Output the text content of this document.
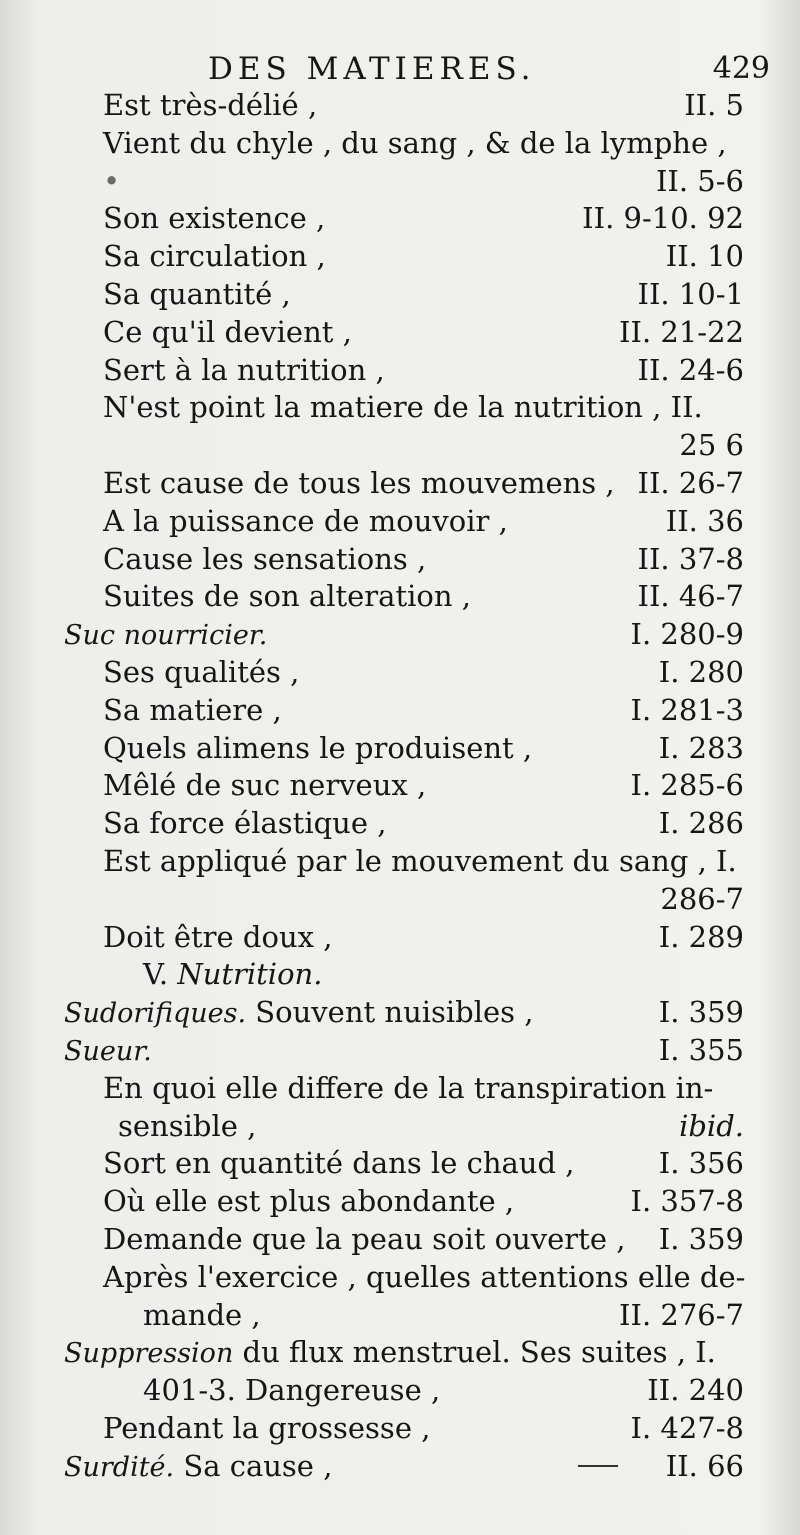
DES MATIERES.	429
Est très-délié ,	II. 5
Vient du chyle , du sang , & de la lymphe ,
•	II. 5-6
Son existence ,	II. 9-10. 92
Sa circulation ,	II. 10
Sa quantité ,	II. 10-1
Ce qu'il devient ,	II. 21-22
Sert à la nutrition ,	II. 24-6
N'est point la matiere de la nutrition , II.
25 6
Est cause de tous les mouvemens , II. 26-7
A la puissance de mouvoir ,	II. 36
Cause les sensations ,	II. 37-8
Suites de son alteration ,	II. 46-7
Suc nourricier.	I. 280-9
Ses qualités ,	I. 280
Sa matiere ,	I. 281-3
Quels alimens le produisent ,	I. 283
Mêlé de suc nerveux ,	I. 285-6
Sa force élastique ,	I. 286
Est appliqué par le mouvement du sang , I.
286-7
Doit être doux ,	I. 289
V. Nutrition.
Sudorifiques. Souvent nuisibles ,	I. 359
Sueur.	I. 355
En quoi elle differe de la transpiration in-
sensible ,	ibid.
Sort en quantité dans le chaud ,	I. 356
Où elle est plus abondante ,	I. 357-8
Demande que la peau soit ouverte , I. 359
Après l'exercice , quelles attentions elle de-
mande ,	II. 276-7
Suppression du flux menstruel. Ses suites , I.
401-3. Dangereuse ,	II. 240
Pendant la grossesse ,	I. 427-8
Surdité. Sa cause ,	II. 66
